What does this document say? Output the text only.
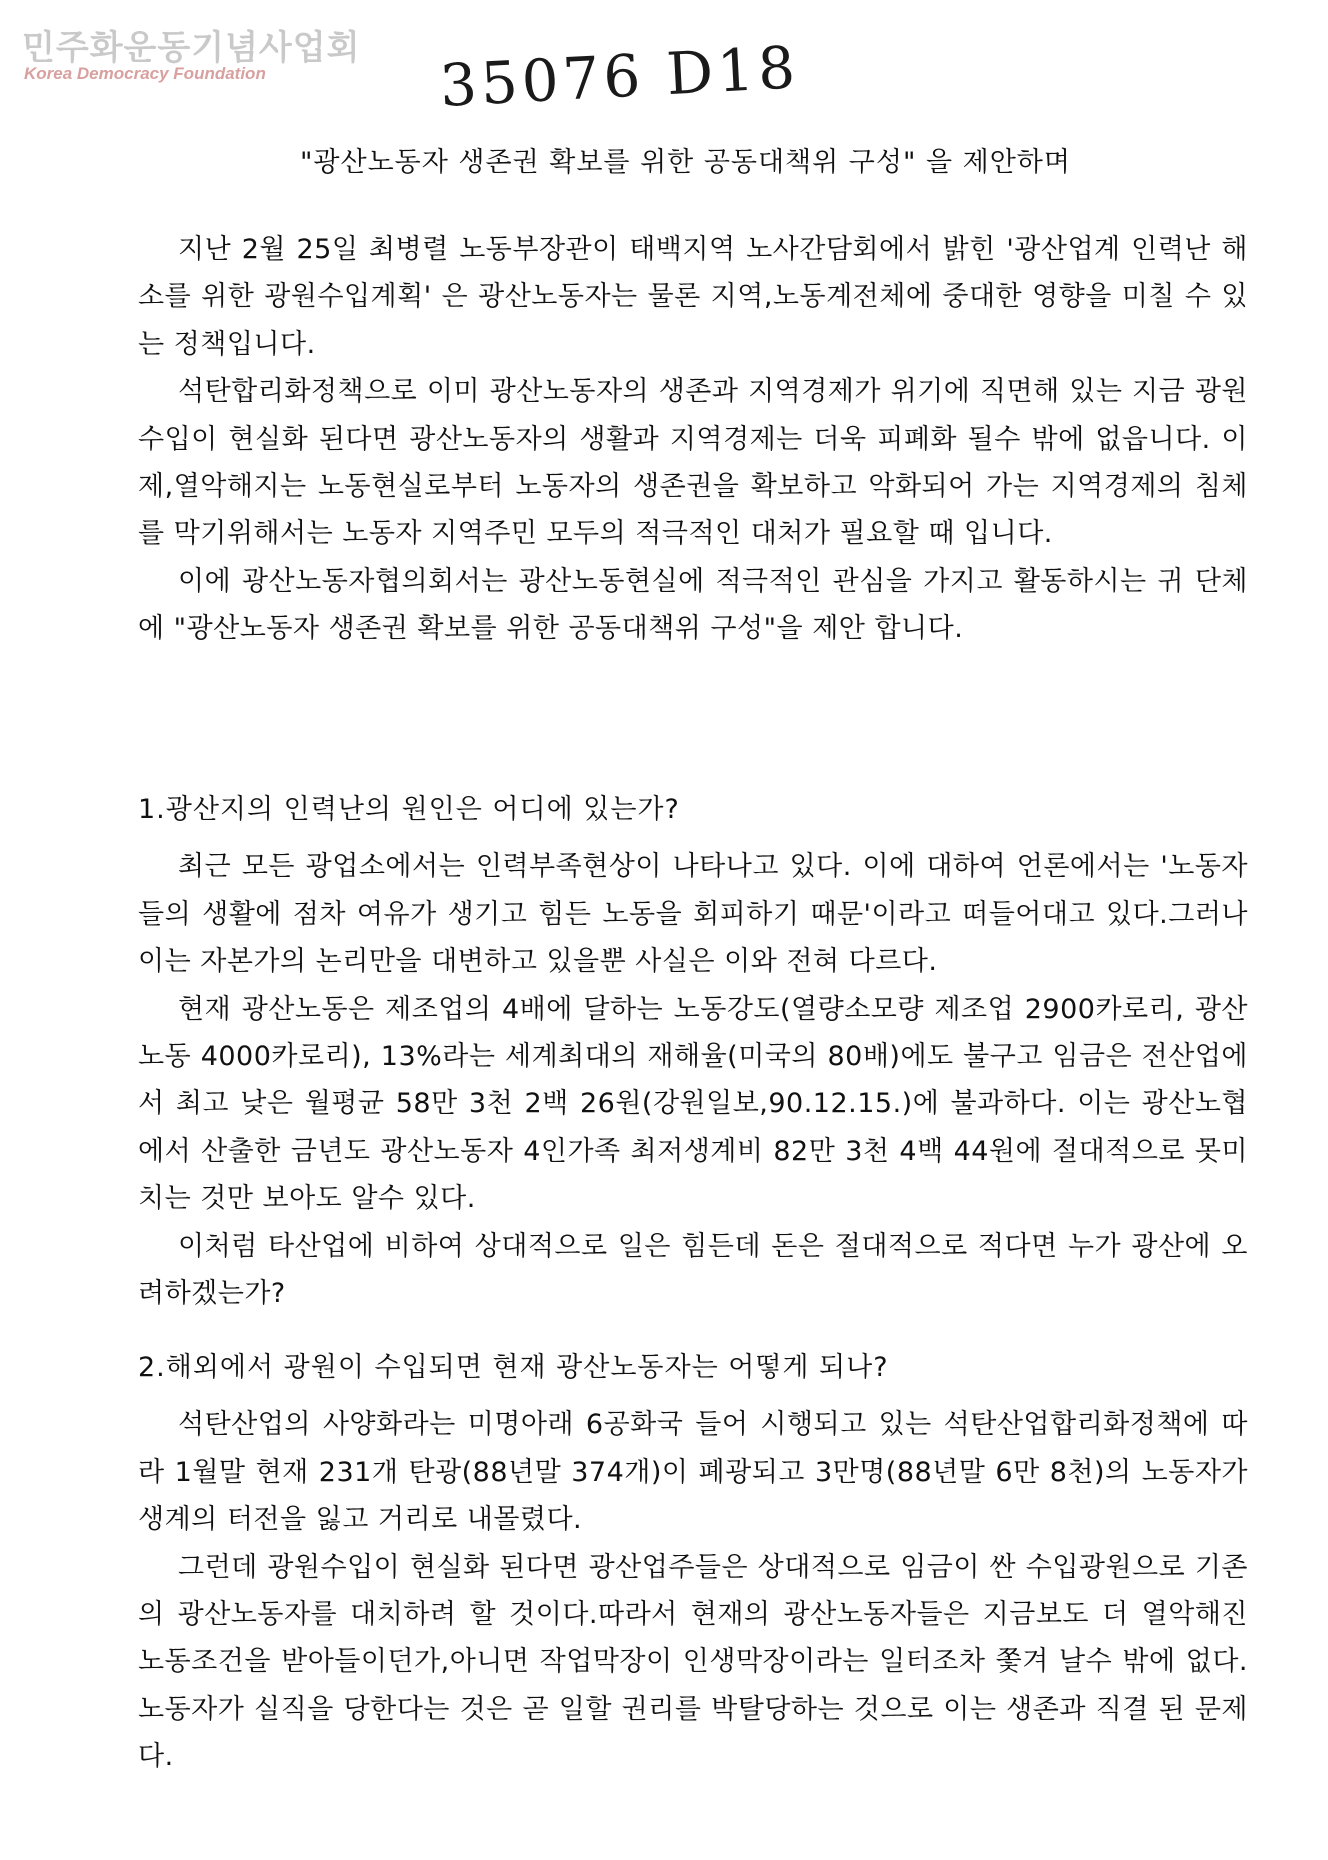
민주화운동기념사업회
Korea Democracy Foundation	35076 D18
"광산노동자 생존권 확보를 위한 공동대책위 구성" 을 제안하며

지난 2월 25일 최병렬 노동부장관이 태백지역 노사간담회에서 밝힌 '광산업계 인력난 해소를 위한 광원수입계획' 은 광산노동자는 물론 지역,노동계전체에 중대한 영향을 미칠 수 있는 정책입니다.

석탄합리화정책으로 이미 광산노동자의 생존과 지역경제가 위기에 직면해 있는 지금 광원수입이 현실화 된다면 광산노동자의 생활과 지역경제는 더욱 피폐화 될수 밖에 없읍니다. 이제,열악해지는 노동현실로부터 노동자의 생존권을 확보하고 악화되어 가는 지역경제의 침체를 막기위해서는 노동자 지역주민 모두의 적극적인 대처가 필요할 때 입니다.

이에 광산노동자협의회서는 광산노동현실에 적극적인 관심을 가지고 활동하시는 귀 단체에 "광산노동자 생존권 확보를 위한 공동대책위 구성"을 제안 합니다.

1.광산지의 인력난의 원인은 어디에 있는가?

최근 모든 광업소에서는 인력부족현상이 나타나고 있다. 이에 대하여 언론에서는 '노동자들의 생활에 점차 여유가 생기고 힘든 노동을 회피하기 때문'이라고 떠들어대고 있다.그러나 이는 자본가의 논리만을 대변하고 있을뿐 사실은 이와 전혀 다르다.

현재 광산노동은 제조업의 4배에 달하는 노동강도(열량소모량 제조업 2900카로리, 광산노동 4000카로리), 13%라는 세계최대의 재해율(미국의 80배)에도 불구고 임금은 전산업에서 최고 낮은 월평균 58만 3천 2백 26원(강원일보,90.12.15.)에 불과하다. 이는 광산노협에서 산출한 금년도 광산노동자 4인가족 최저생계비 82만 3천 4백 44원에 절대적으로 못미치는 것만 보아도 알수 있다.

이처럼 타산업에 비하여 상대적으로 일은 힘든데 돈은 절대적으로 적다면 누가 광산에 오려하겠는가?

2.해외에서 광원이 수입되면 현재 광산노동자는 어떻게 되나?

석탄산업의 사양화라는 미명아래 6공화국 들어 시행되고 있는 석탄산업합리화정책에 따라 1월말 현재 231개 탄광(88년말 374개)이 폐광되고 3만명(88년말 6만 8천)의 노동자가 생계의 터전을 잃고 거리로 내몰렸다.

그런데 광원수입이 현실화 된다면 광산업주들은 상대적으로 임금이 싼 수입광원으로 기존의 광산노동자를 대치하려 할 것이다.따라서 현재의 광산노동자들은 지금보도 더 열악해진 노동조건을 받아들이던가,아니면 작업막장이 인생막장이라는 일터조차 쫓겨 날수 밖에 없다. 노동자가 실직을 당한다는 것은 곧 일할 권리를 박탈당하는 것으로 이는 생존과 직결 된 문제다.
